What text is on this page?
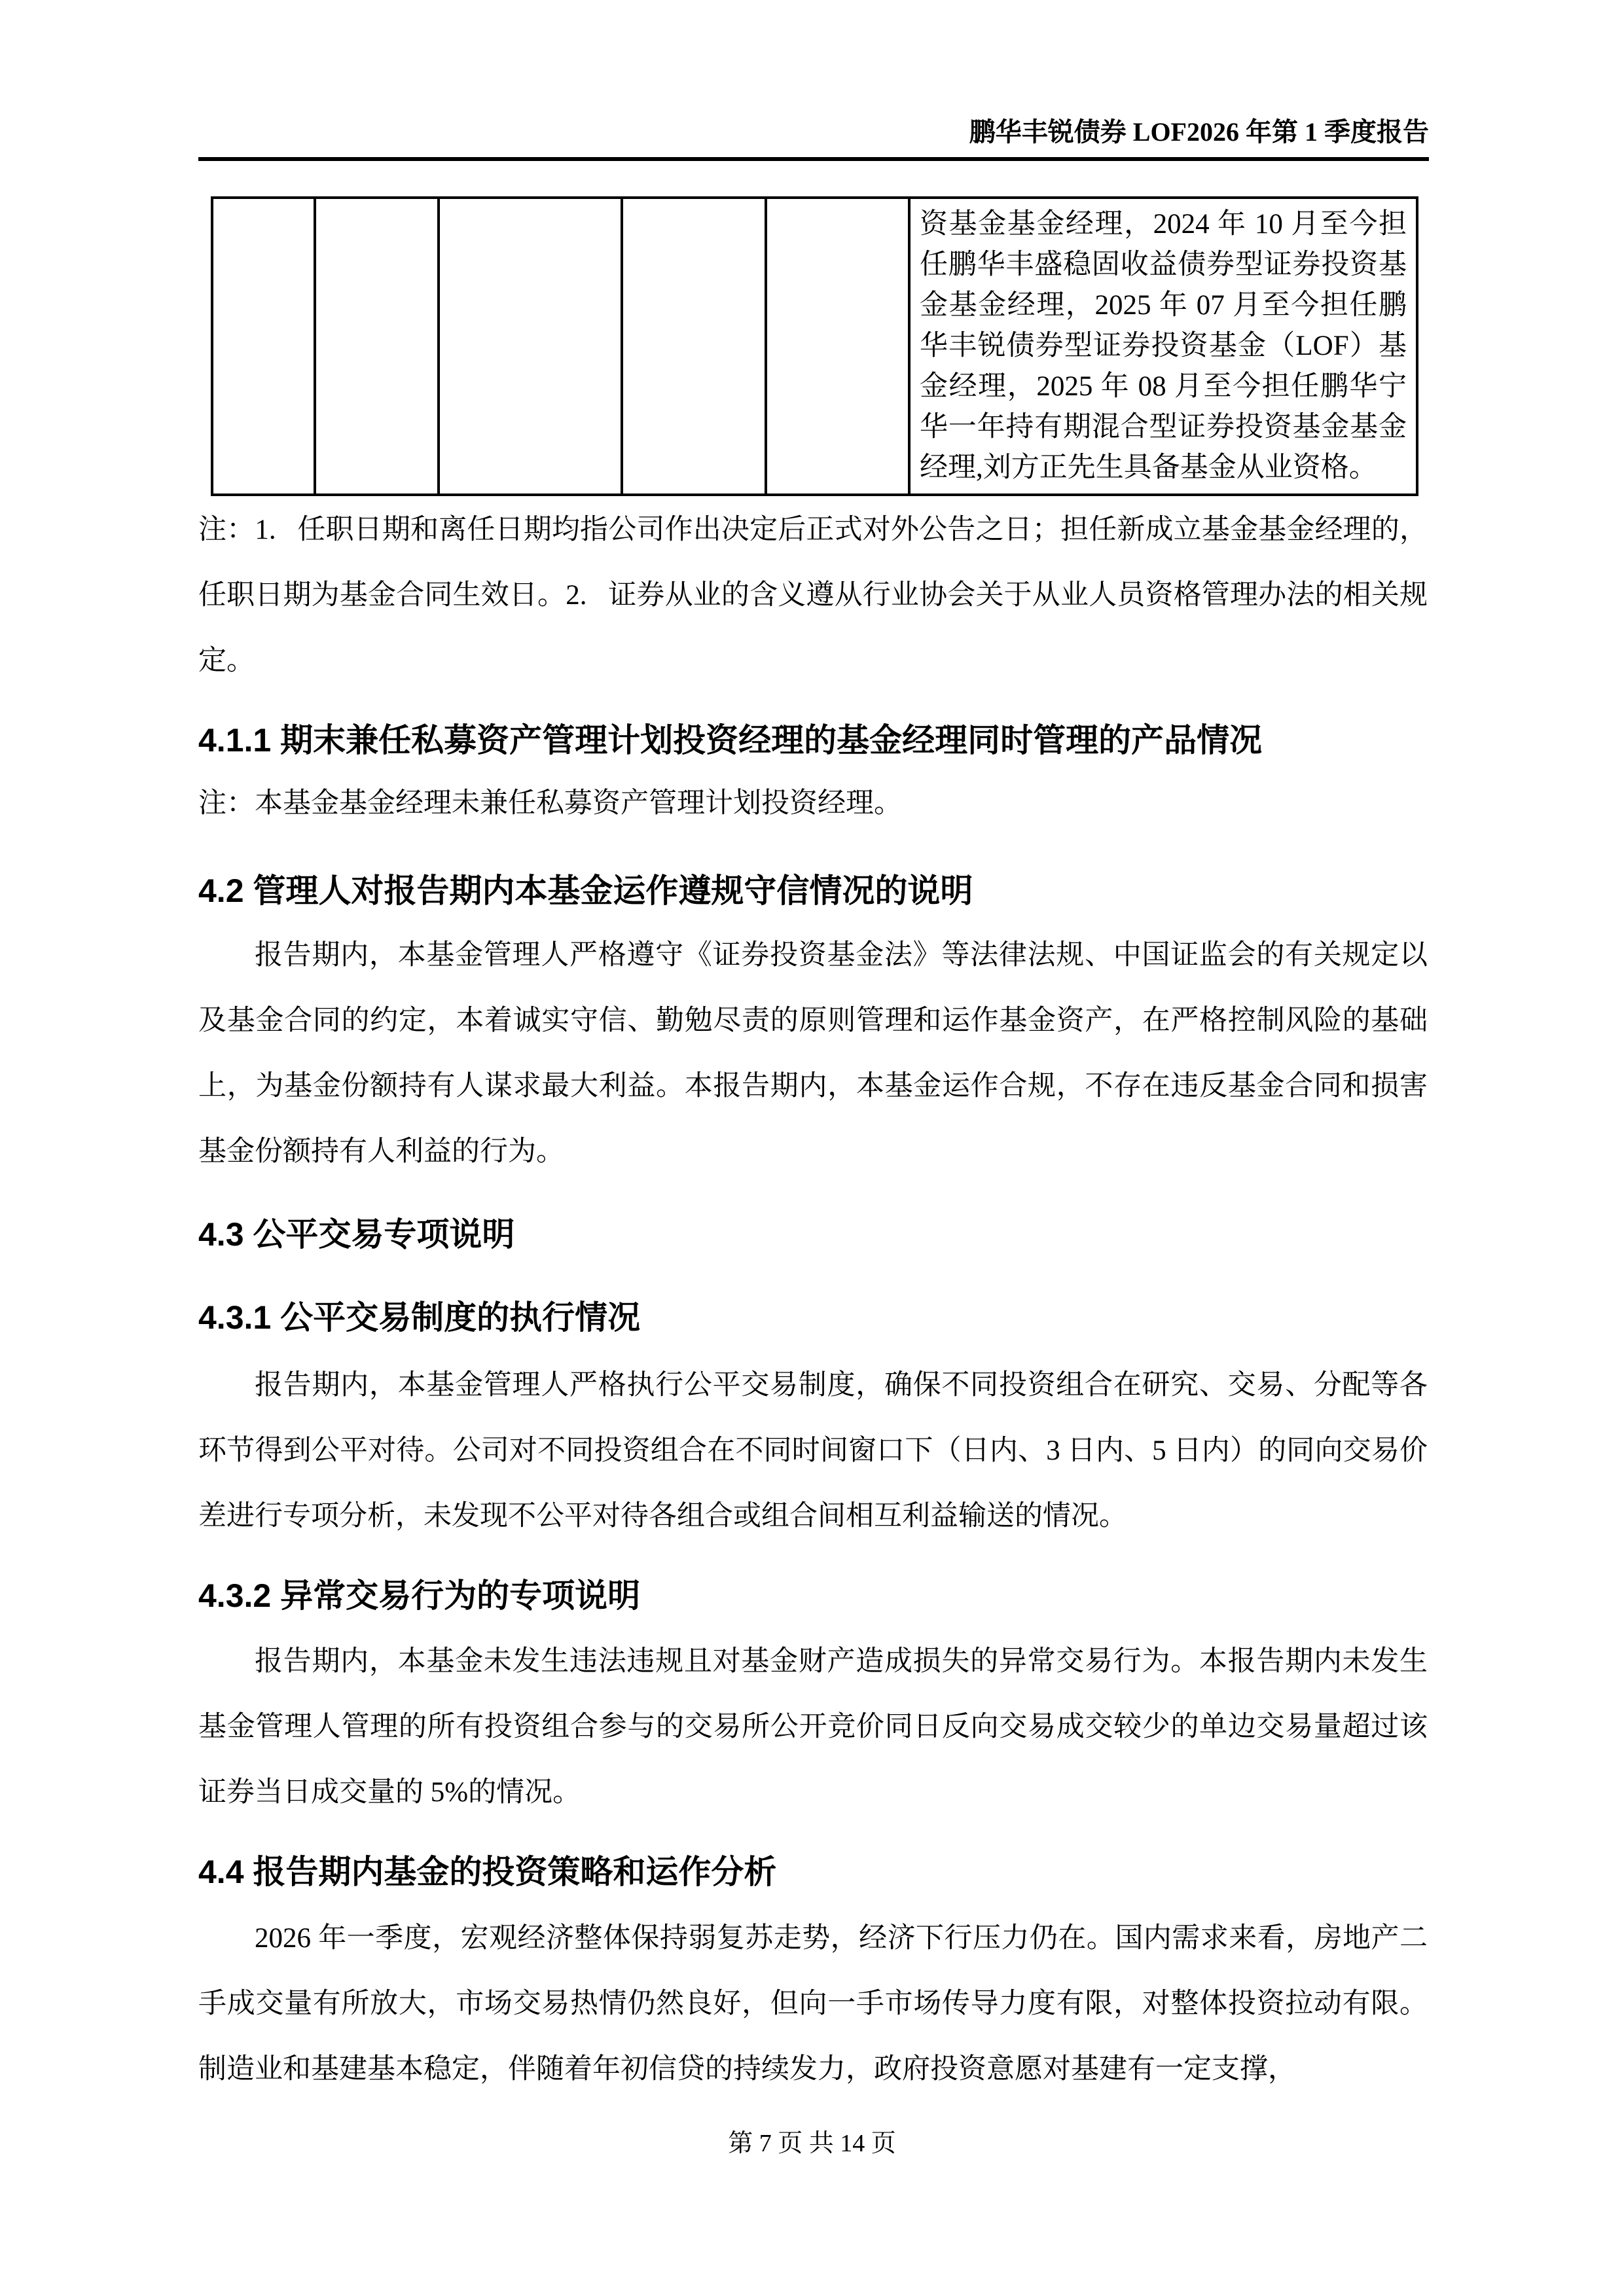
鹏华丰锐债券 LOF2026 年第 1 季度报告
					资基金基金经理，2024 年 10 月至今担任鹏华丰盛稳固收益债券型证券投资基金基金经理，2025 年 07 月至今担任鹏华丰锐债券型证券投资基金（LOF）基金经理，2025 年 08 月至今担任鹏华宁华一年持有期混合型证券投资基金基金经理,刘方正先生具备基金从业资格。
注：1.   任职日期和离任日期均指公司作出决定后正式对外公告之日；担任新成立基金基金经理的，任职日期为基金合同生效日。2.   证券从业的含义遵从行业协会关于从业人员资格管理办法的相关规定。
4.1.1 期末兼任私募资产管理计划投资经理的基金经理同时管理的产品情况
注：本基金基金经理未兼任私募资产管理计划投资经理。
4.2 管理人对报告期内本基金运作遵规守信情况的说明
报告期内，本基金管理人严格遵守《证券投资基金法》等法律法规、中国证监会的有关规定以及基金合同的约定，本着诚实守信、勤勉尽责的原则管理和运作基金资产，在严格控制风险的基础上，为基金份额持有人谋求最大利益。本报告期内，本基金运作合规，不存在违反基金合同和损害基金份额持有人利益的行为。
4.3 公平交易专项说明
4.3.1 公平交易制度的执行情况
报告期内，本基金管理人严格执行公平交易制度，确保不同投资组合在研究、交易、分配等各环节得到公平对待。公司对不同投资组合在不同时间窗口下（日内、3 日内、5 日内）的同向交易价差进行专项分析，未发现不公平对待各组合或组合间相互利益输送的情况。
4.3.2 异常交易行为的专项说明
报告期内，本基金未发生违法违规且对基金财产造成损失的异常交易行为。本报告期内未发生基金管理人管理的所有投资组合参与的交易所公开竞价同日反向交易成交较少的单边交易量超过该证券当日成交量的 5%的情况。
4.4 报告期内基金的投资策略和运作分析
2026 年一季度，宏观经济整体保持弱复苏走势，经济下行压力仍在。国内需求来看，房地产二手成交量有所放大，市场交易热情仍然良好，但向一手市场传导力度有限，对整体投资拉动有限。制造业和基建基本稳定，伴随着年初信贷的持续发力，政府投资意愿对基建有一定支撑，
第 7 页 共 14 页
